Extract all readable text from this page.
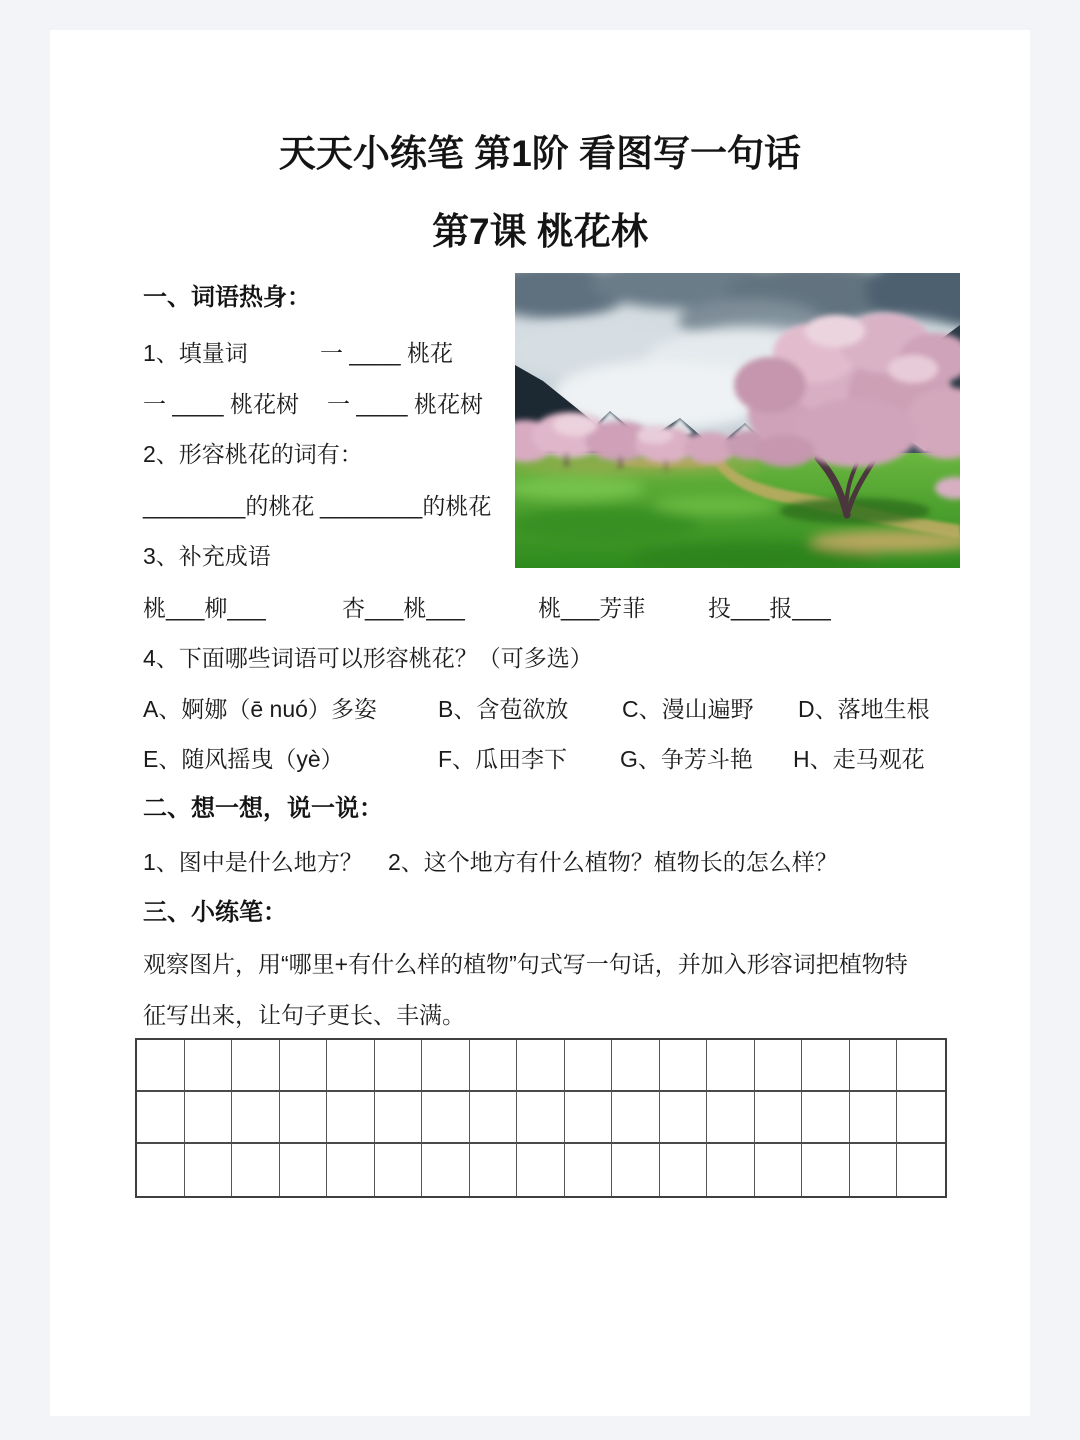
天天小练笔 第1阶 看图写一句话
第7课 桃花林
一、词语热身：
1、填量词	一 ____ 桃花
一 ____ 桃花树 一 ____ 桃花树
2、形容桃花的词有：
________的桃花 ________的桃花
3、补充成语
桃___柳___	杏___桃___	桃___芳菲	投___报___
4、下面哪些词语可以形容桃花？（可多选）
A、婀娜（ē nuó）多姿	B、含苞欲放 C、漫山遍野 D、落地生根
E、随风摇曳（yè）	F、瓜田李下 G、争芳斗艳 H、走马观花
二、想一想，说一说：
1、图中是什么地方？ 2、这个地方有什么植物？植物长的怎么样？
三、小练笔：
观察图片，用“哪里+有什么样的植物”句式写一句话，并加入形容词把植物特
征写出来，让句子更长、丰满。
